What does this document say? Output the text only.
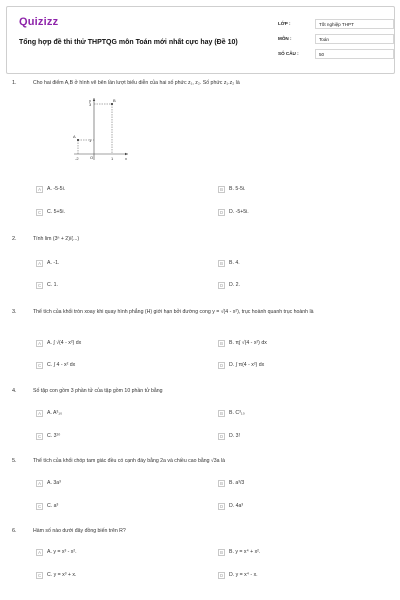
Quizizz
Tổng hợp đề thi thử THPTQG môn Toán mới nhất cực hay (Đề 10)
LỚP :	Tốt nghiệp THPT
MÔN :	Toán
SỐ CÂU :	50
1.	Cho hai điểm A,B ở hình vẽ bên lần lượt biểu diễn của hai số phức z₁, z₂. Số phức z₁.z₂ là
y
x
O
B
A
3
1
1
-2
A	A. -5-5i.	B	B. 5-5i.
C	C. 5+5i.	D	D. -5+5i.
2.	Tính lim (3ⁿ + 2)/(...)
A	A. -1.	B	B. 4.
C	C. 1.	D	D. 2.
3.	Thể tích của khối tròn xoay khi quay hình phẳng (H) giới hạn bởi đường cong y = √(4 - x²), trục hoành quanh trục hoành là
A	A. ∫ √(4 - x²) dx	B	B. π∫ √(4 - x²) dx
C	C. ∫ 4 - x² dx	D	D. ∫ π(4 - x²) dx
4.	Số tập con gồm 3 phần tử của tập gồm 10 phần tử bằng
A	A. A³₁₀	B	B. C³₁₀
C	C. 3¹⁰	D	D. 3!
5.	Thể tích của khối chóp tam giác đều có cạnh đáy bằng 2a và chiều cao bằng √3a là
A	A. 3a³	B	B. a³/3
C	C. a³	D	D. 4a³
6.	Hàm số nào dưới đây đồng biến trên R?
A	A. y = x³ - x².	B	B. y = x⁴ + x².
C	C. y = x³ + x.	D	D. y = x⁴ - x.
